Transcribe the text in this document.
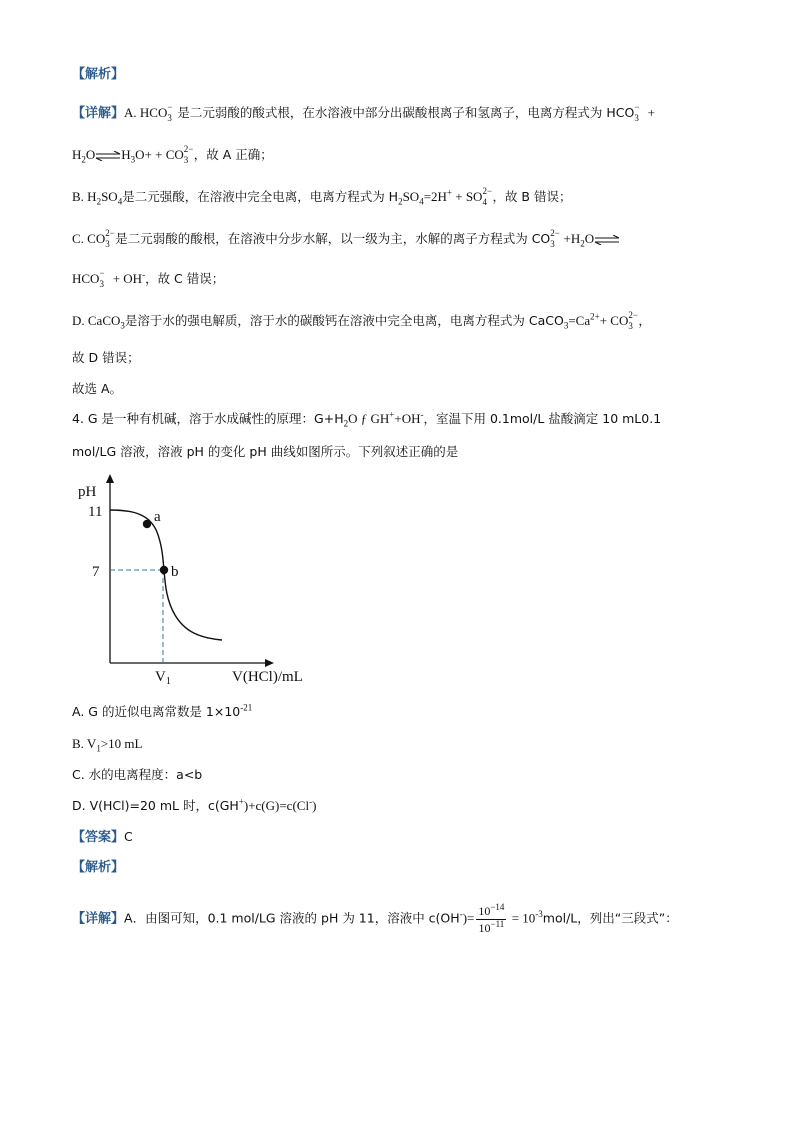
【解析】
【详解】A. HCO −
3 是二元弱酸的酸式根，在水溶液中部分出碳酸根离子和氢离子，电离方程式为 HCO −
3 +
$H_2O\rightleftharpoons H_3O+$ + CO 2−
3 ，故 A 正确；
B. $H_2SO_4$是二元强酸，在溶液中完全电离，电离方程式为 $H_2SO_4=2H^+$ + SO 2−
4 ，故 B 错误；
C. CO 2−
3 是二元弱酸的酸根，在溶液中分步水解，以一级为主，水解的离子方程式为 CO 2−
$3 +H_2O\rightleftharpoons$
HCO −
3 + OH-，故 C 错误；
D. CaCO$_3$是溶于水的强电解质，溶于水的碳酸钙在溶液中完全电离，电离方程式为 $CaCO_3=Ca^{2+}+$ CO 2−
3 ，
故 D 错误；
故选 A。
4. G 是一种有机碱，溶于水成碱性的原理：$G+H_2O$ ƒ GH++OH-，室温下用 0.1mol/L 盐酸滴定 10 mL0.1
mol/LG 溶液，溶液 pH 的变化 pH 曲线如图所示。下列叙述正确的是
pH
11
7
a
b
$V_1$	V(HCl)/mL
A. G 的近似电离常数是 $1\times 10^{-21}$
B. $V_1>10$ mL
C. 水的电离程度：a<b
D. V(HCl)=20 mL 时，c(GH+)+c(G)=c(Cl-)
【答案】C
【解析】
【详解】A．由图可知，0.1 mol/LG 溶液的 pH 为 11，溶液中 $c(OH^-)= \frac{10^{-14}}{10^{-11}} = 10^{-3}mol/L$，列出“三段式”：
